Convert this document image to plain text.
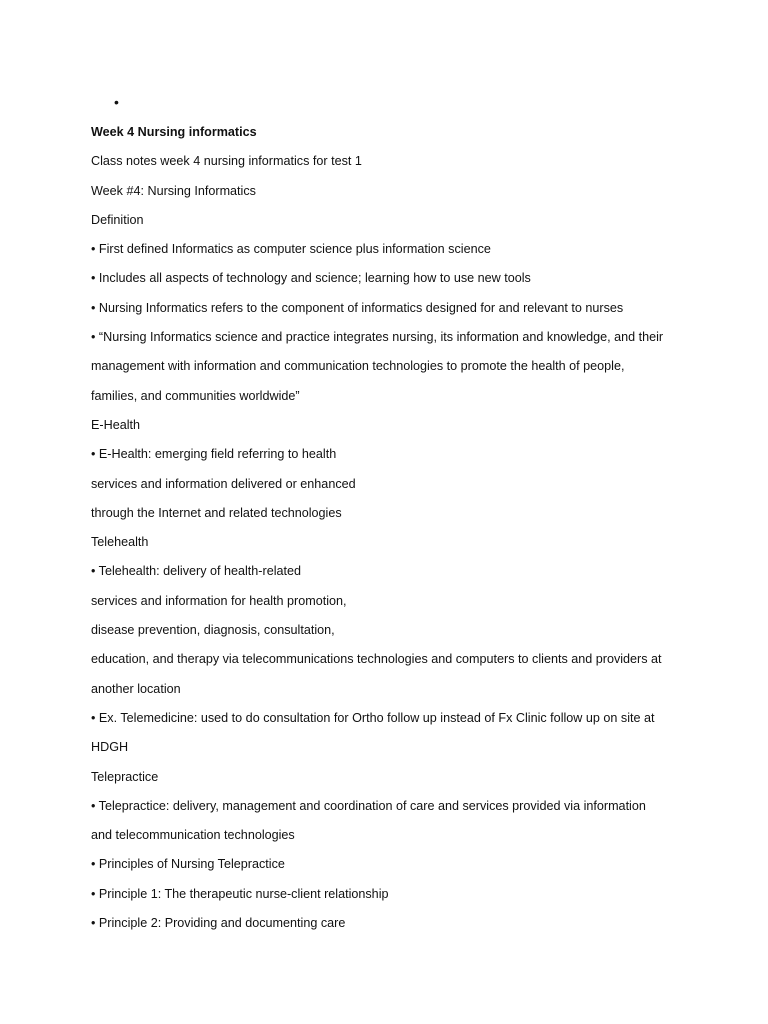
•
Week 4 Nursing informatics
Class notes week 4 nursing informatics for test 1
Week #4: Nursing Informatics
Definition
• First defined Informatics as computer science plus information science
• Includes all aspects of technology and science; learning how to use new tools
• Nursing Informatics refers to the component of informatics designed for and relevant to nurses
• “Nursing Informatics science and practice integrates nursing, its information and knowledge, and their
management with information and communication technologies to promote the health of people,
families, and communities worldwide”
E-Health
• E-Health: emerging field referring to health
services and information delivered or enhanced
through the Internet and related technologies
Telehealth
• Telehealth: delivery of health-related
services and information for health promotion,
disease prevention, diagnosis, consultation,
education, and therapy via telecommunications technologies and computers to clients and providers at
another location
• Ex. Telemedicine: used to do consultation for Ortho follow up instead of Fx Clinic follow up on site at
HDGH
Telepractice
• Telepractice: delivery, management and coordination of care and services provided via information
and telecommunication technologies
• Principles of Nursing Telepractice
• Principle 1: The therapeutic nurse-client relationship
• Principle 2: Providing and documenting care
